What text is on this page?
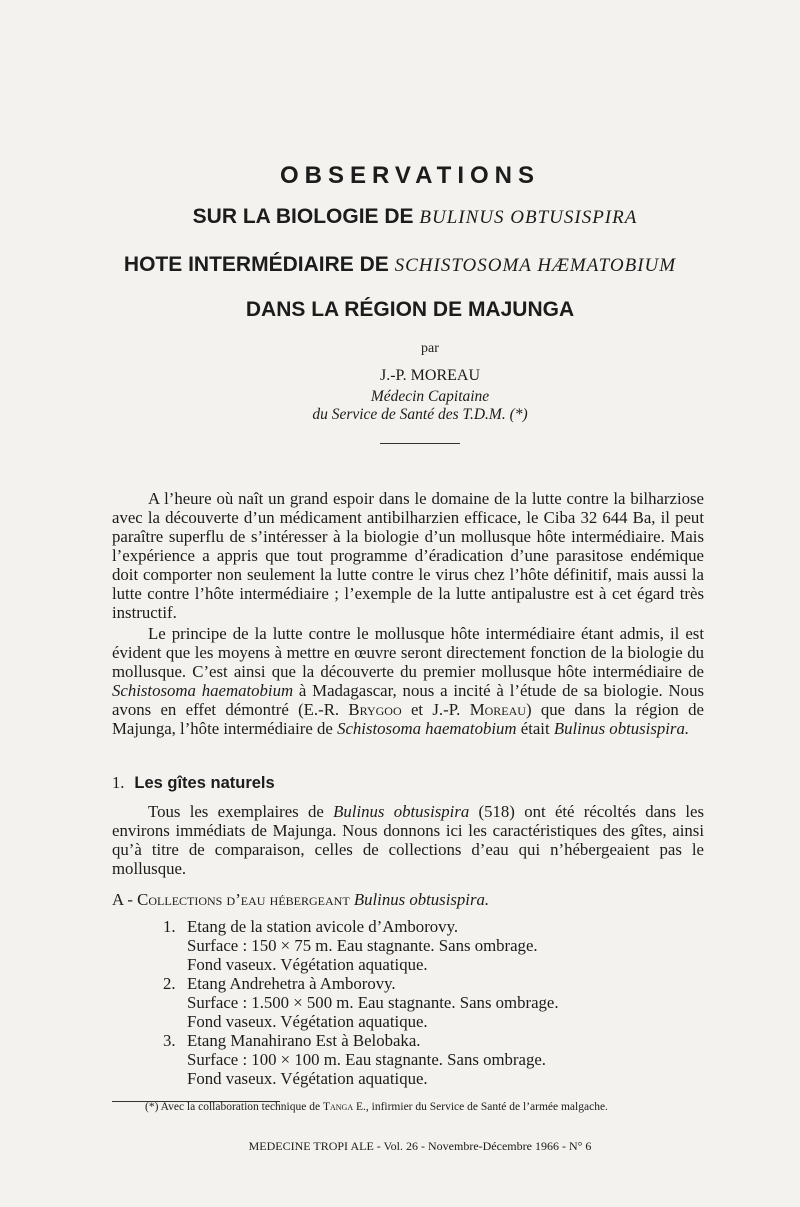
OBSERVATIONS
SUR LA BIOLOGIE DE BULINUS OBTUSISPIRA
HOTE INTERMÉDIAIRE DE SCHISTOSOMA HÆMATOBIUM
DANS LA RÉGION DE MAJUNGA
par
J.-P. MOREAU
Médecin Capitaine
du Service de Santé des T.D.M. (*)
A l’heure où naît un grand espoir dans le domaine de la lutte contre la bilharziose avec la découverte d’un médicament antibilharzien efficace, le Ciba 32 644 Ba, il peut paraître superflu de s’intéresser à la biologie d’un mollusque hôte intermédiaire. Mais l’expérience a appris que tout programme d’éradication d’une parasitose endémique doit comporter non seulement la lutte contre le virus chez l’hôte définitif, mais aussi la lutte contre l’hôte intermédiaire ; l’exemple de la lutte antipalustre est à cet égard très instructif.
Le principe de la lutte contre le mollusque hôte intermédiaire étant admis, il est évident que les moyens à mettre en œuvre seront directement fonction de la biologie du mollusque. C’est ainsi que la découverte du premier mollusque hôte intermédiaire de Schistosoma haematobium à Madagascar, nous a incité à l’étude de sa biologie. Nous avons en effet démontré (E.-R. Brygoo et J.-P. Moreau) que dans la région de Majunga, l’hôte intermédiaire de Schistosoma haematobium était Bulinus obtusispira.
1. Les gîtes naturels
Tous les exemplaires de Bulinus obtusispira (518) ont été récoltés dans les environs immédiats de Majunga. Nous donnons ici les caractéristiques des gîtes, ainsi qu’à titre de comparaison, celles de collections d’eau qui n’hébergeaient pas le mollusque.
A - Collections d’eau hébergeant Bulinus obtusispira.
1. Etang de la station avicole d’Amborovy.
Surface : 150 × 75 m. Eau stagnante. Sans ombrage.
Fond vaseux. Végétation aquatique.
2. Etang Andrehetra à Amborovy.
Surface : 1.500 × 500 m. Eau stagnante. Sans ombrage.
Fond vaseux. Végétation aquatique.
3. Etang Manahirano Est à Belobaka.
Surface : 100 × 100 m. Eau stagnante. Sans ombrage.
Fond vaseux. Végétation aquatique.
(*) Avec la collaboration technique de Tanga E., infirmier du Service de Santé de l’armée malgache.
MEDECINE TROPI ALE - Vol. 26 - Novembre-Décembre 1966 - N° 6
